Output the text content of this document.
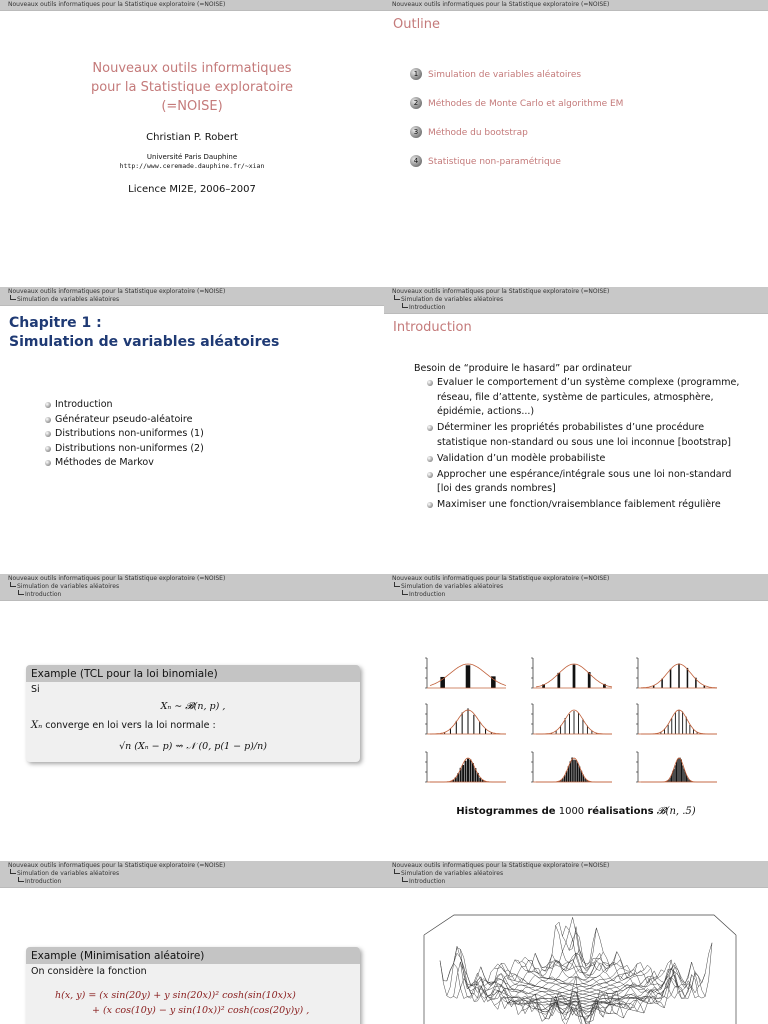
Nouveaux outils informatiques pour la Statistique exploratoire (=NOISE)
Nouveaux outils informatiques
pour la Statistique exploratoire
(=NOISE)
Christian P. Robert
Université Paris Dauphine
http://www.ceremade.dauphine.fr/~xian
Licence MI2E, 2006–2007
Nouveaux outils informatiques pour la Statistique exploratoire (=NOISE)
Outline
1	Simulation de variables aléatoires
2	Méthodes de Monte Carlo et algorithme EM
3	Méthode du bootstrap
4	Statistique non-paramétrique
Nouveaux outils informatiques pour la Statistique exploratoire (=NOISE)
Simulation de variables aléatoires
Chapitre 1 :
Simulation de variables aléatoires
Introduction
Générateur pseudo-aléatoire
Distributions non-uniformes (1)
Distributions non-uniformes (2)
Méthodes de Markov
Nouveaux outils informatiques pour la Statistique exploratoire (=NOISE)
Simulation de variables aléatoires
Introduction
Introduction
Besoin de “produire le hasard” par ordinateur
Evaluer le comportement d’un système complexe (programme, réseau, file d’attente, système de particules, atmosphère, épidémie, actions...)
Déterminer les propriétés probabilistes d’une procédure statistique non-standard ou sous une loi inconnue [bootstrap]
Validation d’un modèle probabiliste
Approcher une espérance/intégrale sous une loi non-standard [loi des grands nombres]
Maximiser une fonction/vraisemblance faiblement régulière
Nouveaux outils informatiques pour la Statistique exploratoire (=NOISE)
Simulation de variables aléatoires
Introduction
Example (TCL pour la loi binomiale)
Si
Xₙ ∼ 𝓑(n, p) ,
Xₙ converge en loi vers la loi normale :
√n (Xₙ − p) ⇝ 𝒩 (0, p(1 − p)/n)
Nouveaux outils informatiques pour la Statistique exploratoire (=NOISE)
Simulation de variables aléatoires
Introduction
Histogrammes de 1000 réalisations 𝓑(n, .5)
Nouveaux outils informatiques pour la Statistique exploratoire (=NOISE)
Simulation de variables aléatoires
Introduction
Example (Minimisation aléatoire)
On considère la fonction
h(x, y) = (x sin(20y) + y sin(20x))² cosh(sin(10x)x)
+ (x cos(10y) − y sin(10x))² cosh(cos(20y)y) ,
Nouveaux outils informatiques pour la Statistique exploratoire (=NOISE)
Simulation de variables aléatoires
Introduction
